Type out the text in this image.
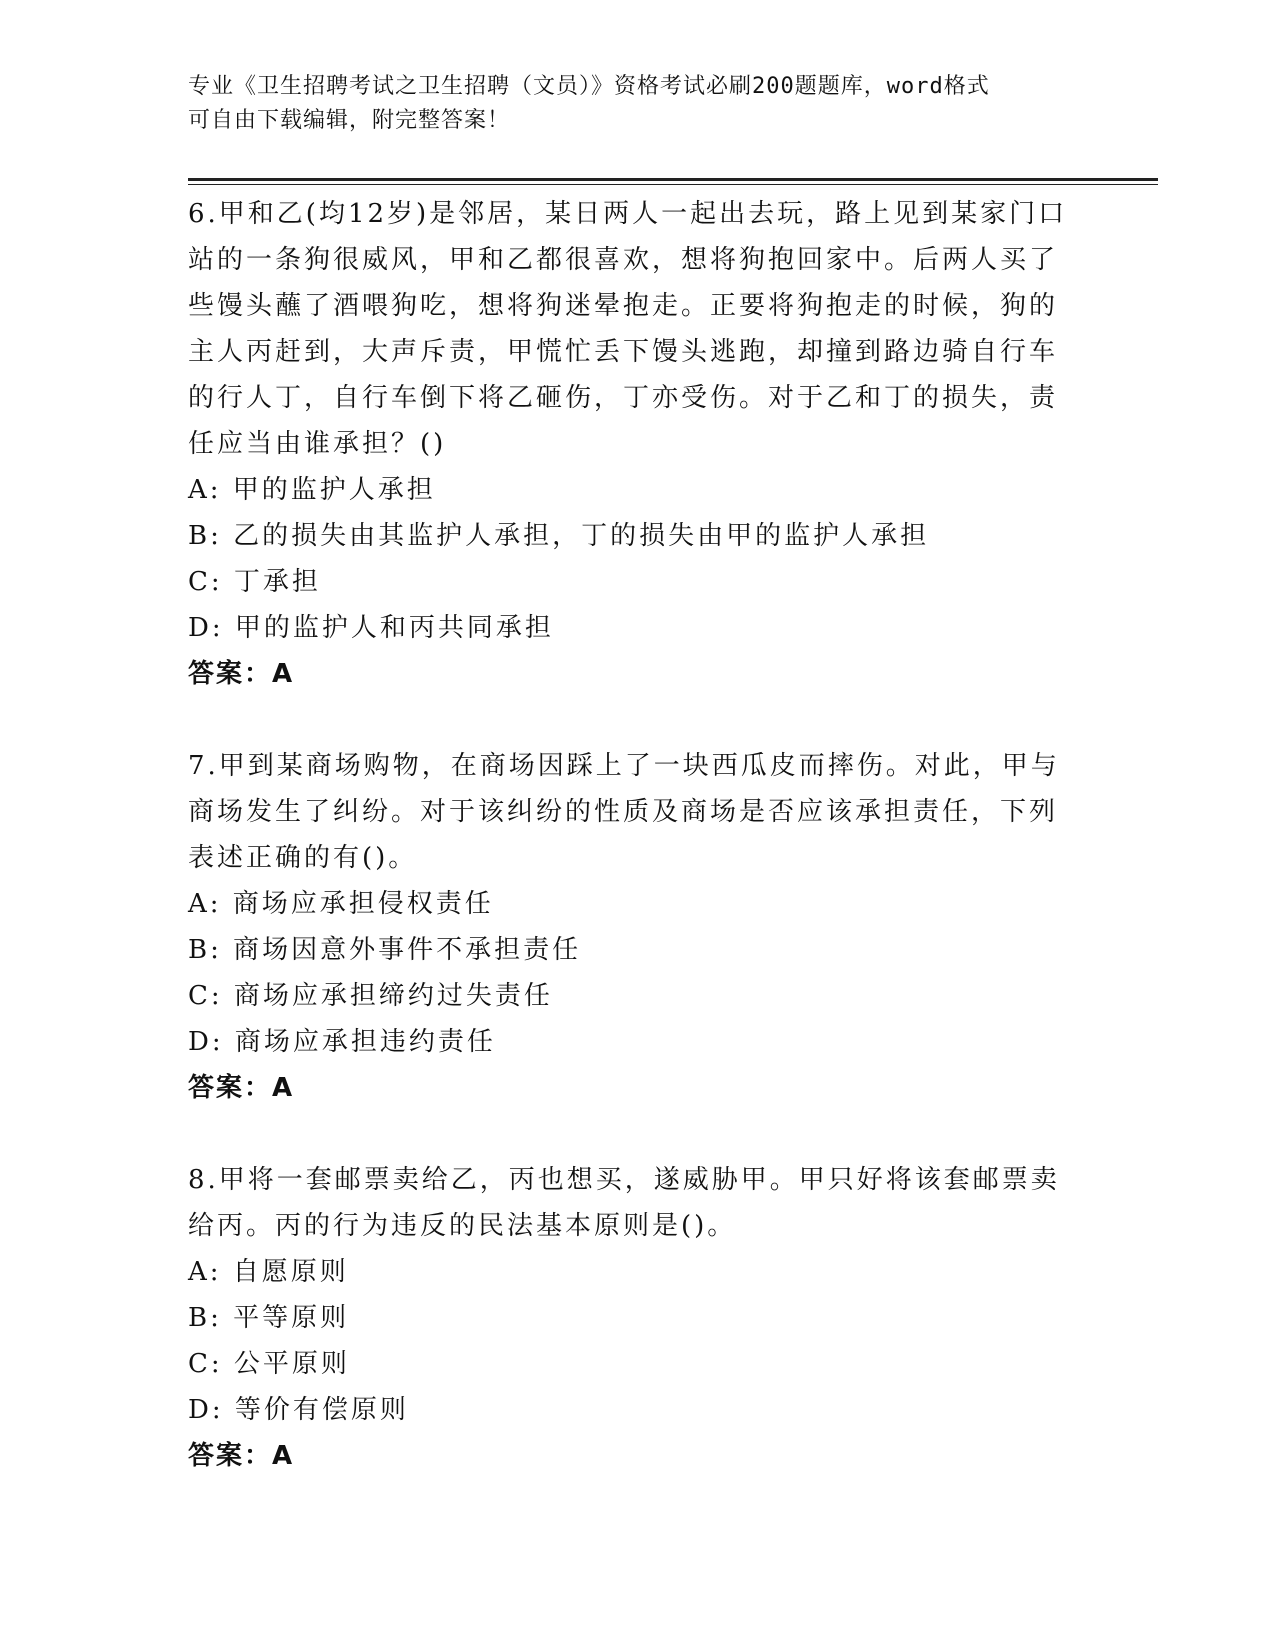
专业《卫生招聘考试之卫生招聘（文员）》资格考试必刷200题题库，word格式
可自由下载编辑，附完整答案！
6.甲和乙(均12岁)是邻居，某日两人一起出去玩，路上见到某家门口
站的一条狗很威风，甲和乙都很喜欢，想将狗抱回家中。后两人买了
些馒头蘸了酒喂狗吃，想将狗迷晕抱走。正要将狗抱走的时候，狗的
主人丙赶到，大声斥责，甲慌忙丢下馒头逃跑，却撞到路边骑自行车
的行人丁，自行车倒下将乙砸伤，丁亦受伤。对于乙和丁的损失，责
任应当由谁承担？()
A: 甲的监护人承担
B: 乙的损失由其监护人承担，丁的损失由甲的监护人承担
C: 丁承担
D: 甲的监护人和丙共同承担
答案：A
7.甲到某商场购物，在商场因踩上了一块西瓜皮而摔伤。对此，甲与
商场发生了纠纷。对于该纠纷的性质及商场是否应该承担责任，下列
表述正确的有()。
A: 商场应承担侵权责任
B: 商场因意外事件不承担责任
C: 商场应承担缔约过失责任
D: 商场应承担违约责任
答案：A
8.甲将一套邮票卖给乙，丙也想买，遂威胁甲。甲只好将该套邮票卖
给丙。丙的行为违反的民法基本原则是()。
A: 自愿原则
B: 平等原则
C: 公平原则
D: 等价有偿原则
答案：A
